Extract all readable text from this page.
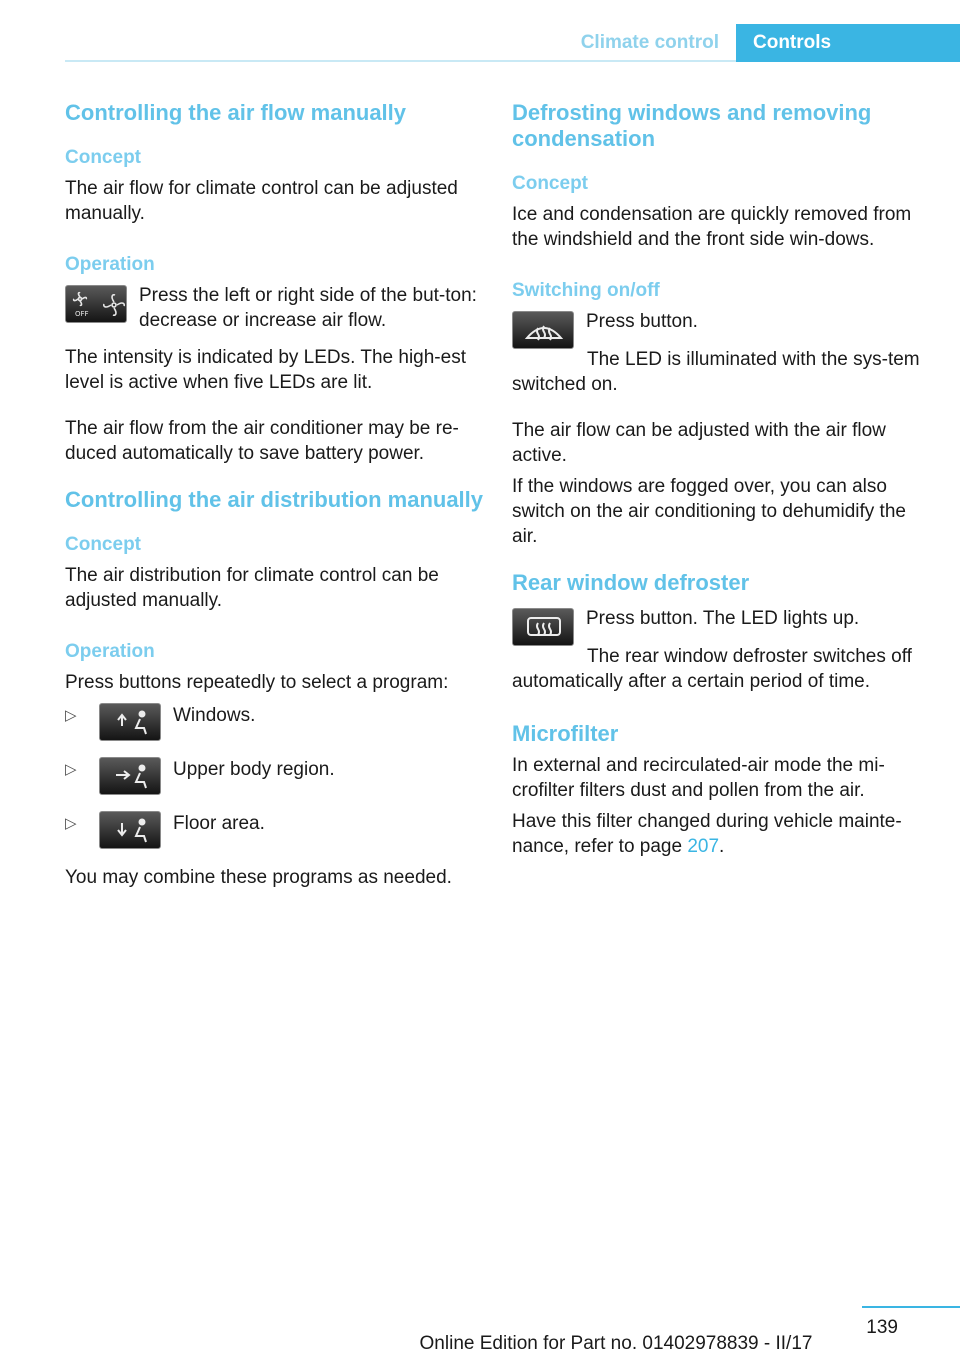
Climate control	Controls
Controlling the air flow manually
Concept

The air flow for climate control can be adjusted manually.

Operation
OFF

Press the left or right side of the but-ton: decrease or increase air flow.

The intensity is indicated by LEDs. The high-est level is active when five LEDs are lit.

The air flow from the air conditioner may be re-duced automatically to save battery power.

Controlling the air distribution manually
Concept

The air distribution for climate control can be adjusted manually.

Operation

Press buttons repeatedly to select a program:

▷	Windows.

▷	Upper body region.

▷	Floor area.

You may combine these programs as needed.

Defrosting windows and removing condensation
Concept

Ice and condensation are quickly removed from the windshield and the front side win-dows.

Switching on/off

Press button.

The LED is illuminated with the sys-tem switched on.

The air flow can be adjusted with the air flow active.

If the windows are fogged over, you can also switch on the air conditioning to dehumidify the air.

Rear window defroster

Press button. The LED lights up.

The rear window defroster switches off automatically after a certain period of time.

Microfilter

In external and recirculated-air mode the mi-crofilter filters dust and pollen from the air.

Have this filter changed during vehicle mainte-nance, refer to page 207.

139
Online Edition for Part no. 01402978839 - II/17
